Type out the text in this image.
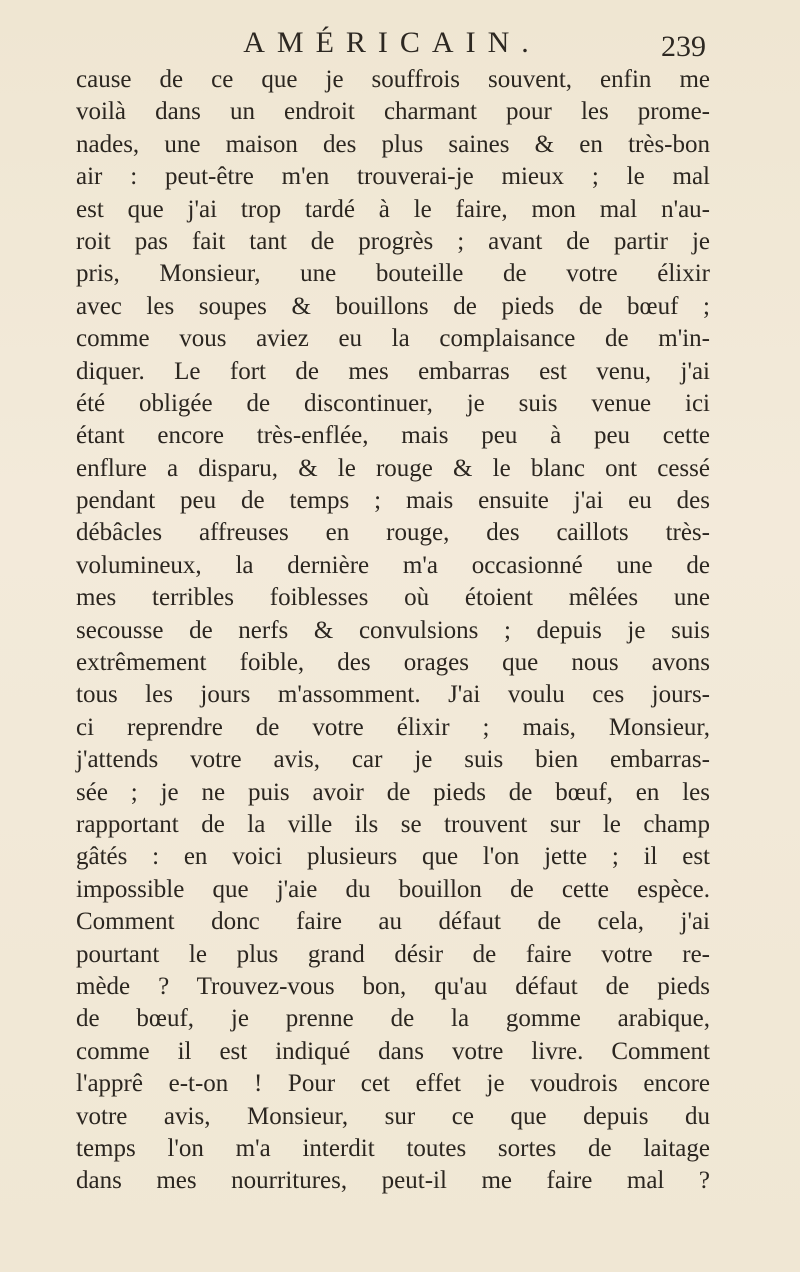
AMÉRICAIN.	239
cause de ce que je souffrois souvent, enfin me
voilà dans un endroit charmant pour les prome-
nades, une maison des plus saines & en très-bon
air : peut-être m'en trouverai-je mieux ; le mal
est que j'ai trop tardé à le faire, mon mal n'au-
roit pas fait tant de progrès ; avant de partir je
pris, Monsieur, une bouteille de votre élixir
avec les soupes & bouillons de pieds de bœuf ;
comme vous aviez eu la complaisance de m'in-
diquer. Le fort de mes embarras est venu, j'ai
été obligée de discontinuer, je suis venue ici
étant encore très-enflée, mais peu à peu cette
enflure a disparu, & le rouge & le blanc ont cessé
pendant peu de temps ; mais ensuite j'ai eu des
débâcles affreuses en rouge, des caillots très-
volumineux, la dernière m'a occasionné une de
mes terribles foiblesses où étoient mêlées une
secousse de nerfs & convulsions ; depuis je suis
extrêmement foible, des orages que nous avons
tous les jours m'assomment. J'ai voulu ces jours-
ci reprendre de votre élixir ; mais, Monsieur,
j'attends votre avis, car je suis bien embarras-
sée ; je ne puis avoir de pieds de bœuf, en les
rapportant de la ville ils se trouvent sur le champ
gâtés : en voici plusieurs que l'on jette ; il est
impossible que j'aie du bouillon de cette espèce.
Comment donc faire au défaut de cela, j'ai
pourtant le plus grand désir de faire votre re-
mède ? Trouvez-vous bon, qu'au défaut de pieds
de bœuf, je prenne de la gomme arabique,
comme il est indiqué dans votre livre. Comment
l'apprê e-t-on ! Pour cet effet je voudrois encore
votre avis, Monsieur, sur ce que depuis du
temps l'on m'a interdit toutes sortes de laitage
dans mes nourritures, peut-il me faire mal ?
